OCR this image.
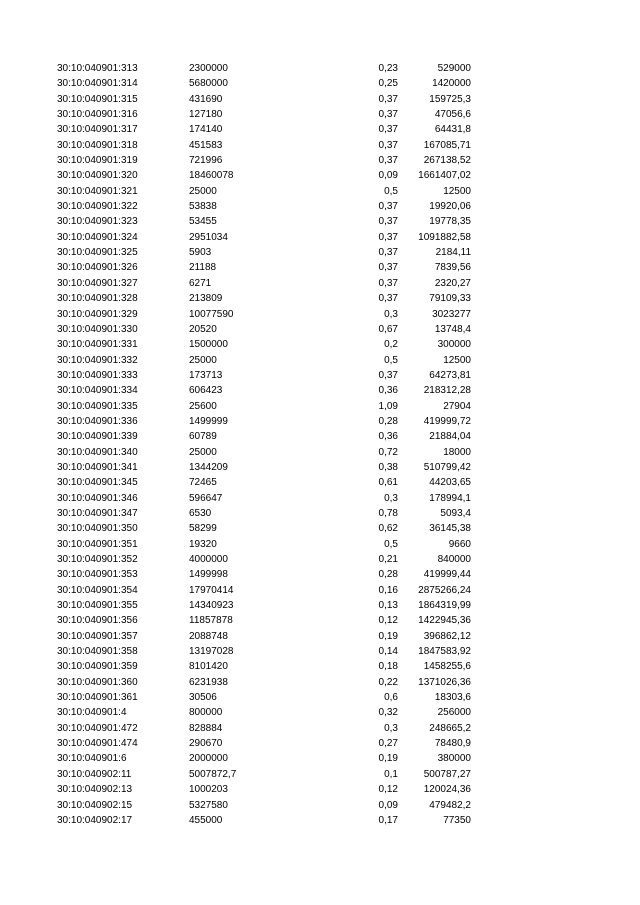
30:10:040901:313	2300000	0,23	529000
30:10:040901:314	5680000	0,25	1420000
30:10:040901:315	431690	0,37	159725,3
30:10:040901:316	127180	0,37	47056,6
30:10:040901:317	174140	0,37	64431,8
30:10:040901:318	451583	0,37	167085,71
30:10:040901:319	721996	0,37	267138,52
30:10:040901:320	18460078	0,09	1661407,02
30:10:040901:321	25000	0,5	12500
30:10:040901:322	53838	0,37	19920,06
30:10:040901:323	53455	0,37	19778,35
30:10:040901:324	2951034	0,37	1091882,58
30:10:040901:325	5903	0,37	2184,11
30:10:040901:326	21188	0,37	7839,56
30:10:040901:327	6271	0,37	2320,27
30:10:040901:328	213809	0,37	79109,33
30:10:040901:329	10077590	0,3	3023277
30:10:040901:330	20520	0,67	13748,4
30:10:040901:331	1500000	0,2	300000
30:10:040901:332	25000	0,5	12500
30:10:040901:333	173713	0,37	64273,81
30:10:040901:334	606423	0,36	218312,28
30:10:040901:335	25600	1,09	27904
30:10:040901:336	1499999	0,28	419999,72
30:10:040901:339	60789	0,36	21884,04
30:10:040901:340	25000	0,72	18000
30:10:040901:341	1344209	0,38	510799,42
30:10:040901:345	72465	0,61	44203,65
30:10:040901:346	596647	0,3	178994,1
30:10:040901:347	6530	0,78	5093,4
30:10:040901:350	58299	0,62	36145,38
30:10:040901:351	19320	0,5	9660
30:10:040901:352	4000000	0,21	840000
30:10:040901:353	1499998	0,28	419999,44
30:10:040901:354	17970414	0,16	2875266,24
30:10:040901:355	14340923	0,13	1864319,99
30:10:040901:356	11857878	0,12	1422945,36
30:10:040901:357	2088748	0,19	396862,12
30:10:040901:358	13197028	0,14	1847583,92
30:10:040901:359	8101420	0,18	1458255,6
30:10:040901:360	6231938	0,22	1371026,36
30:10:040901:361	30506	0,6	18303,6
30:10:040901:4	800000	0,32	256000
30:10:040901:472	828884	0,3	248665,2
30:10:040901:474	290670	0,27	78480,9
30:10:040901:6	2000000	0,19	380000
30:10:040902:11	5007872,7	0,1	500787,27
30:10:040902:13	1000203	0,12	120024,36
30:10:040902:15	5327580	0,09	479482,2
30:10:040902:17	455000	0,17	77350
